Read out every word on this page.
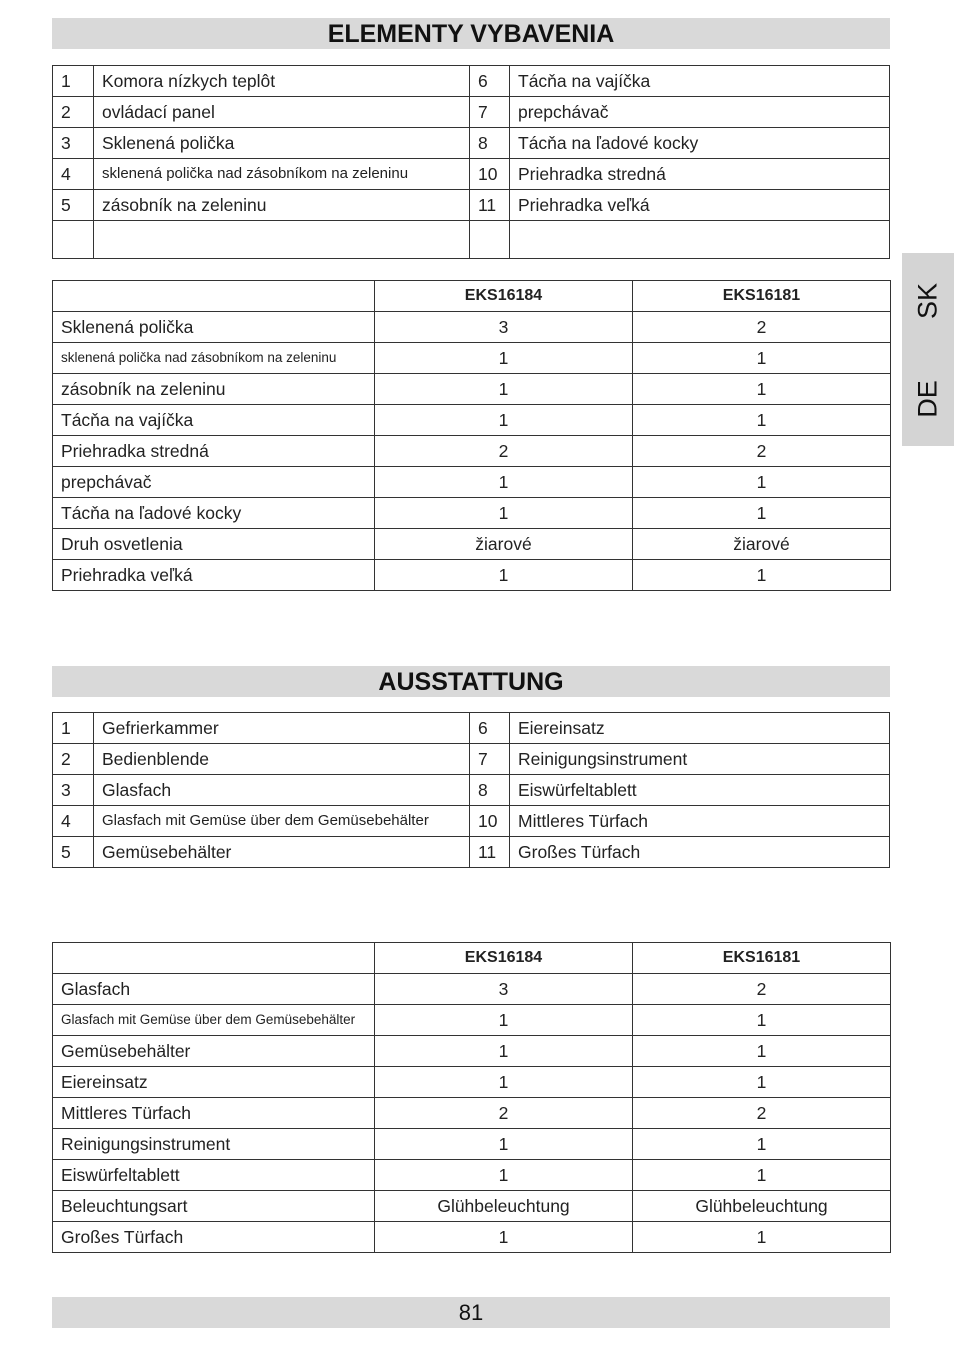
ELEMENTY VYBAVENIA
1	Komora nízkych teplôt	6	Tácňa na vajíčka
2	ovládací panel	7	prepchávač
3	Sklenená polička	8	Tácňa na ľadové kocky
4	sklenená polička nad zásobníkom na zeleninu	10	Priehradka stredná
5	zásobník na zeleninu	11	Priehradka veľká

	EKS16184	EKS16181
Sklenená polička	3	2
sklenená polička nad zásobníkom na zeleninu	1	1
zásobník na zeleninu	1	1
Tácňa na vajíčka	1	1
Priehradka stredná	2	2
prepchávač	1	1
Tácňa na ľadové kocky	1	1
Druh osvetlenia	žiarové	žiarové
Priehradka veľká	1	1
AUSSTATTUNG
1	Gefrierkammer	6	Eiereinsatz
2	Bedienblende	7	Reinigungsinstrument
3	Glasfach	8	Eiswürfeltablett
4	Glasfach mit Gemüse über dem Gemüsebehälter	10	Mittleres Türfach
5	Gemüsebehälter	11	Großes Türfach
	EKS16184	EKS16181
Glasfach	3	2
Glasfach mit Gemüse über dem Gemüsebehälter	1	1
Gemüsebehälter	1	1
Eiereinsatz	1	1
Mittleres Türfach	2	2
Reinigungsinstrument	1	1
Eiswürfeltablett	1	1
Beleuchtungsart	Glühbeleuchtung	Glühbeleuchtung
Großes Türfach	1	1
SK
DE
81
